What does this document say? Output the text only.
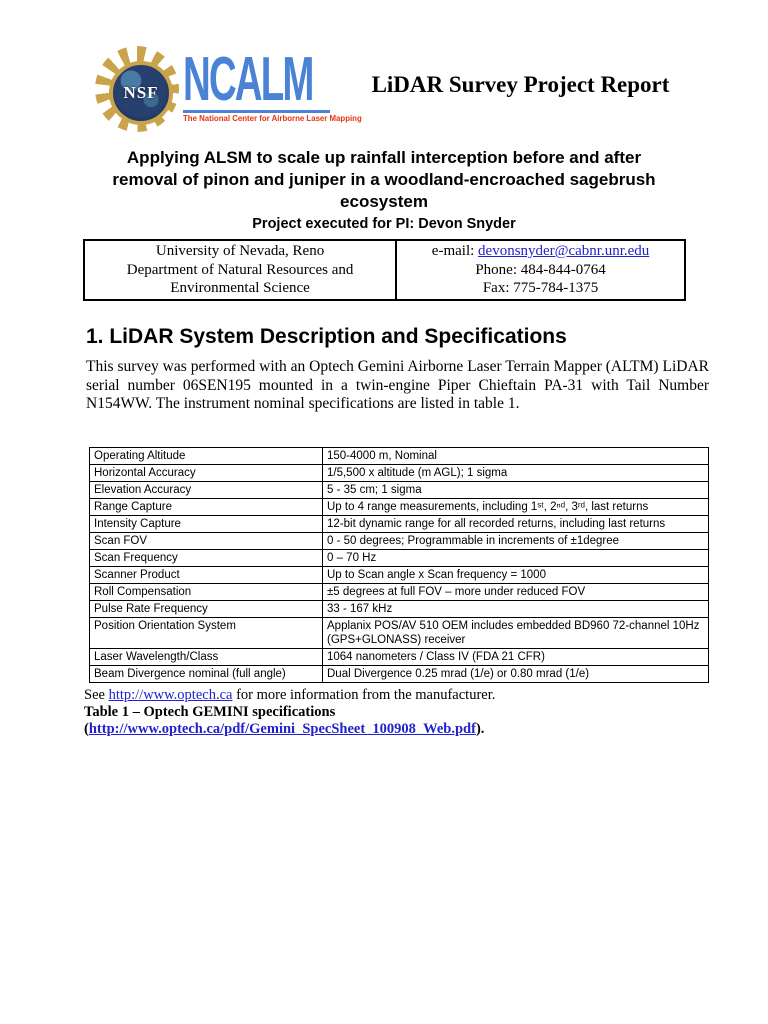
NSF NCALM
The National Center for Airborne Laser Mapping
LiDAR Survey Project Report
Applying ALSM to scale up rainfall interception before and after removal of pinon and juniper in a woodland-encroached sagebrush ecosystem
Project executed for PI: Devon Snyder
University of Nevada, Reno
Department of Natural Resources and
Environmental Science

e-mail: devonsnyder@cabnr.unr.edu
Phone: 484-844-0764
Fax: 775-784-1375
1. LiDAR System Description and Specifications
This survey was performed with an Optech Gemini Airborne Laser Terrain Mapper (ALTM) LiDAR serial number 06SEN195 mounted in a twin-engine Piper Chieftain PA-31 with Tail Number N154WW. The instrument nominal specifications are listed in table 1.
Operating Altitude	150-4000 m, Nominal
Horizontal Accuracy	1/5,500 x altitude (m AGL); 1 sigma
Elevation Accuracy	5 - 35 cm; 1 sigma
Range Capture	Up to 4 range measurements, including 1ˢᵗ, 2ⁿᵈ, 3ʳᵈ, last returns
Intensity Capture	12-bit dynamic range for all recorded returns, including last returns
Scan FOV	0 - 50 degrees; Programmable in increments of ±1degree
Scan Frequency	0 – 70 Hz
Scanner Product	Up to Scan angle x Scan frequency = 1000
Roll Compensation	±5 degrees at full FOV – more under reduced FOV
Pulse Rate Frequency	33 - 167 kHz
Position Orientation System	Applanix POS/AV 510 OEM includes embedded BD960 72-channel 10Hz (GPS+GLONASS) receiver
Laser Wavelength/Class	1064 nanometers / Class IV (FDA 21 CFR)
Beam Divergence nominal (full angle)	Dual Divergence 0.25 mrad (1/e) or 0.80 mrad (1/e)
See http://www.optech.ca for more information from the manufacturer.
Table 1 – Optech GEMINI specifications
(http://www.optech.ca/pdf/Gemini_SpecSheet_100908_Web.pdf).
